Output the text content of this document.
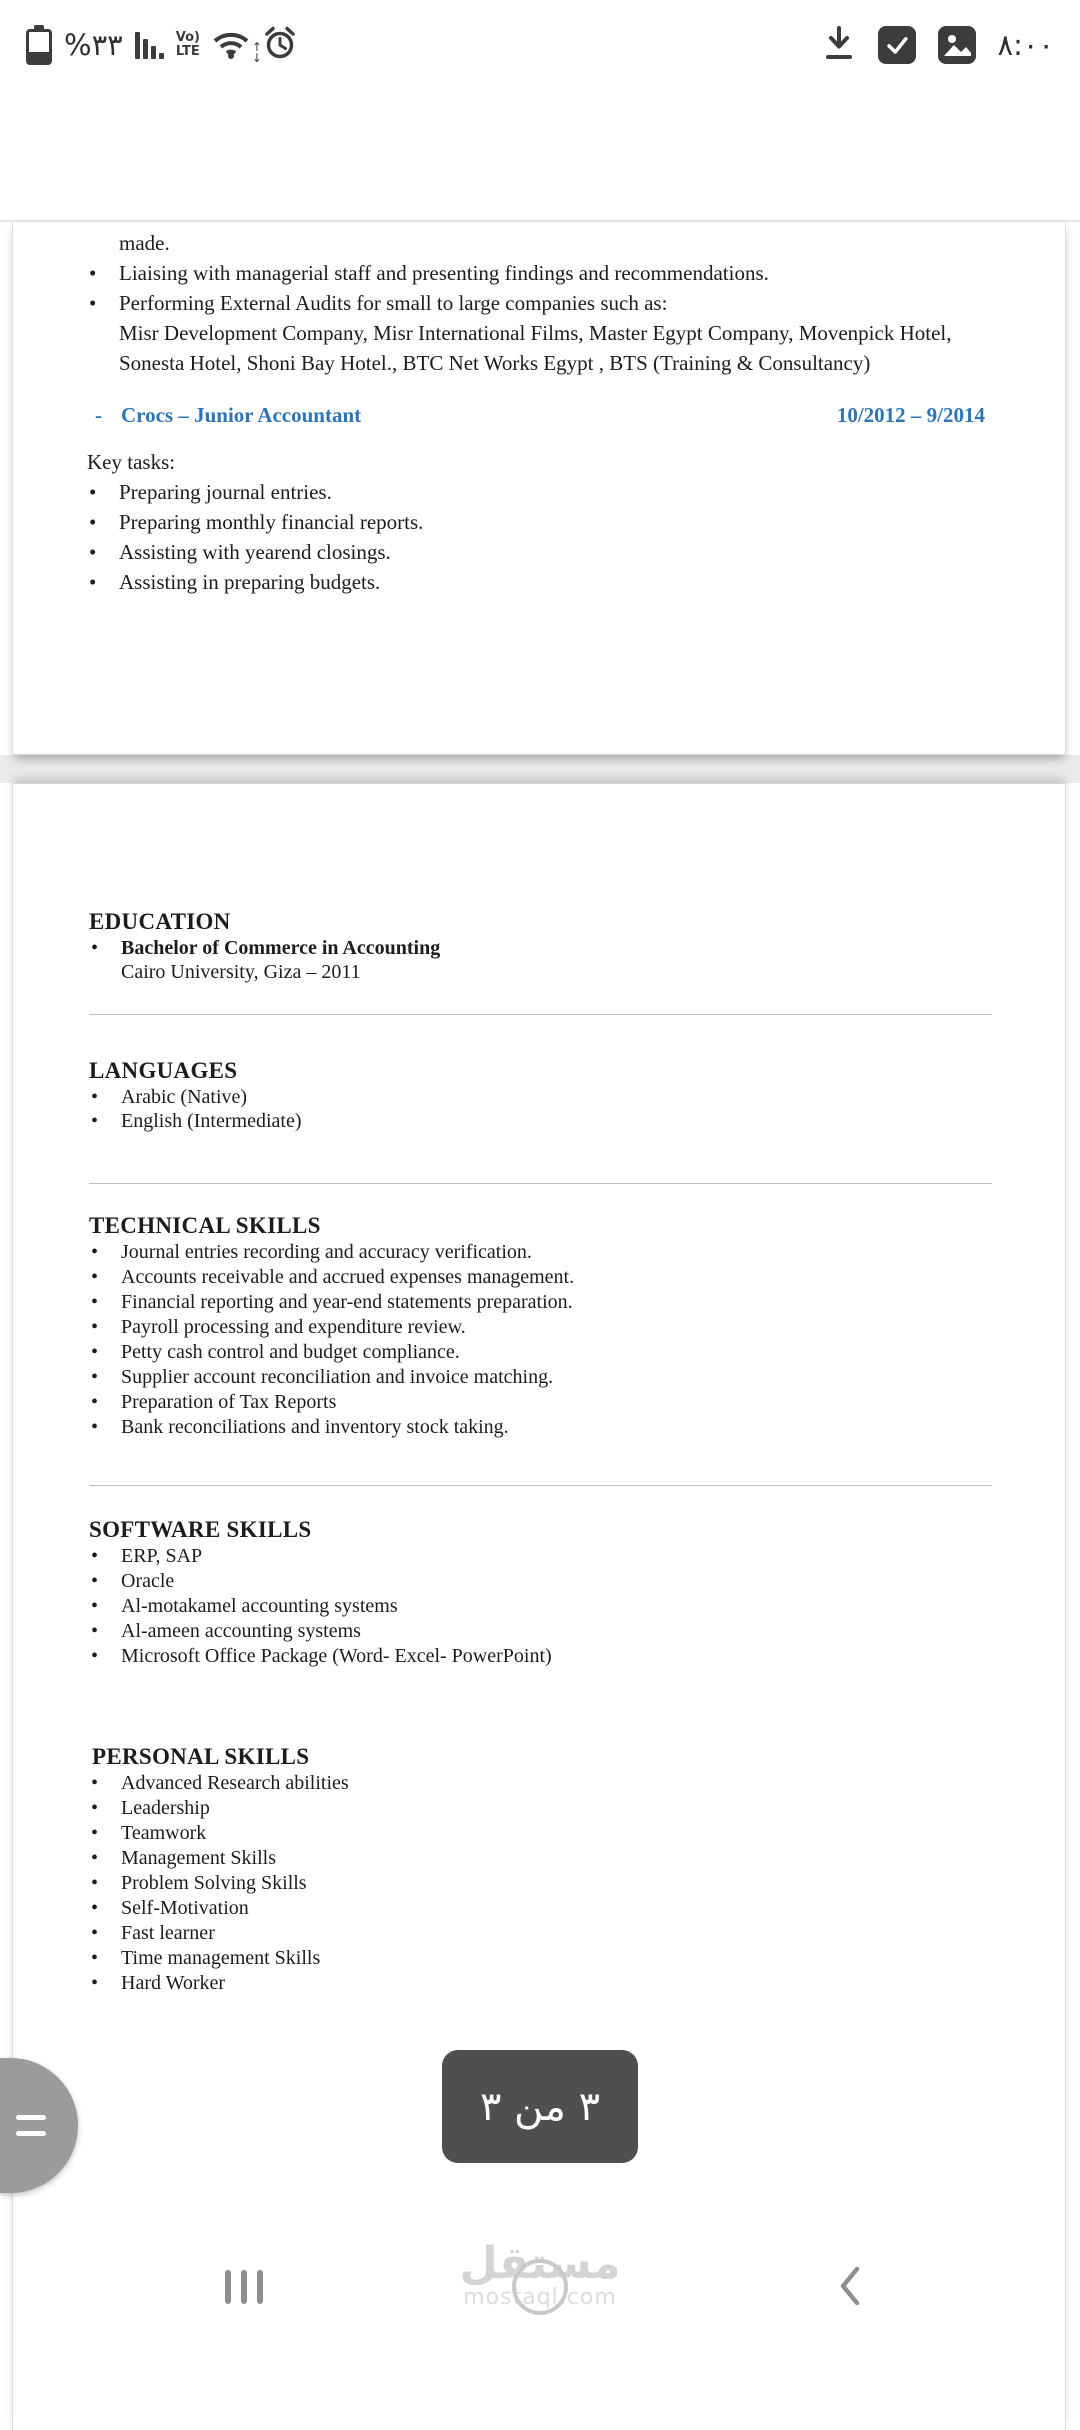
%٣٣	Vo)
LTE	↑
↓	٨:٠٠

made.

• Liaising with managerial staff and presenting findings and recommendations.
• Performing External Audits for small to large companies such as:

Misr Development Company, Misr International Films, Master Egypt Company, Movenpick Hotel,

Sonesta Hotel, Shoni Bay Hotel., BTC Net Works Egypt , BTS (Training & Consultancy)

- Crocs – Junior Accountant	10/2012 – 9/2014

Key tasks:

• Preparing journal entries.
• Preparing monthly financial reports.
• Assisting with yearend closings.
• Assisting in preparing budgets.
EDUCATION
• Bachelor of Commerce in Accounting
Cairo University, Giza – 2011
LANGUAGES
• Arabic (Native)
• English (Intermediate)
TECHNICAL SKILLS
• Journal entries recording and accuracy verification.
• Accounts receivable and accrued expenses management.
• Financial reporting and year-end statements preparation.
• Payroll processing and expenditure review.
• Petty cash control and budget compliance.
• Supplier account reconciliation and invoice matching.
• Preparation of Tax Reports
• Bank reconciliations and inventory stock taking.
SOFTWARE SKILLS
• ERP, SAP
• Oracle
• Al-motakamel accounting systems
• Al-ameen accounting systems
• Microsoft Office Package (Word- Excel- PowerPoint)
PERSONAL SKILLS
• Advanced Research abilities
• Leadership
• Teamwork
• Management Skills
• Problem Solving Skills
• Self-Motivation
• Fast learner
• Time management Skills
• Hard Worker
مستقل
mostaql.com
٣ من ٣
